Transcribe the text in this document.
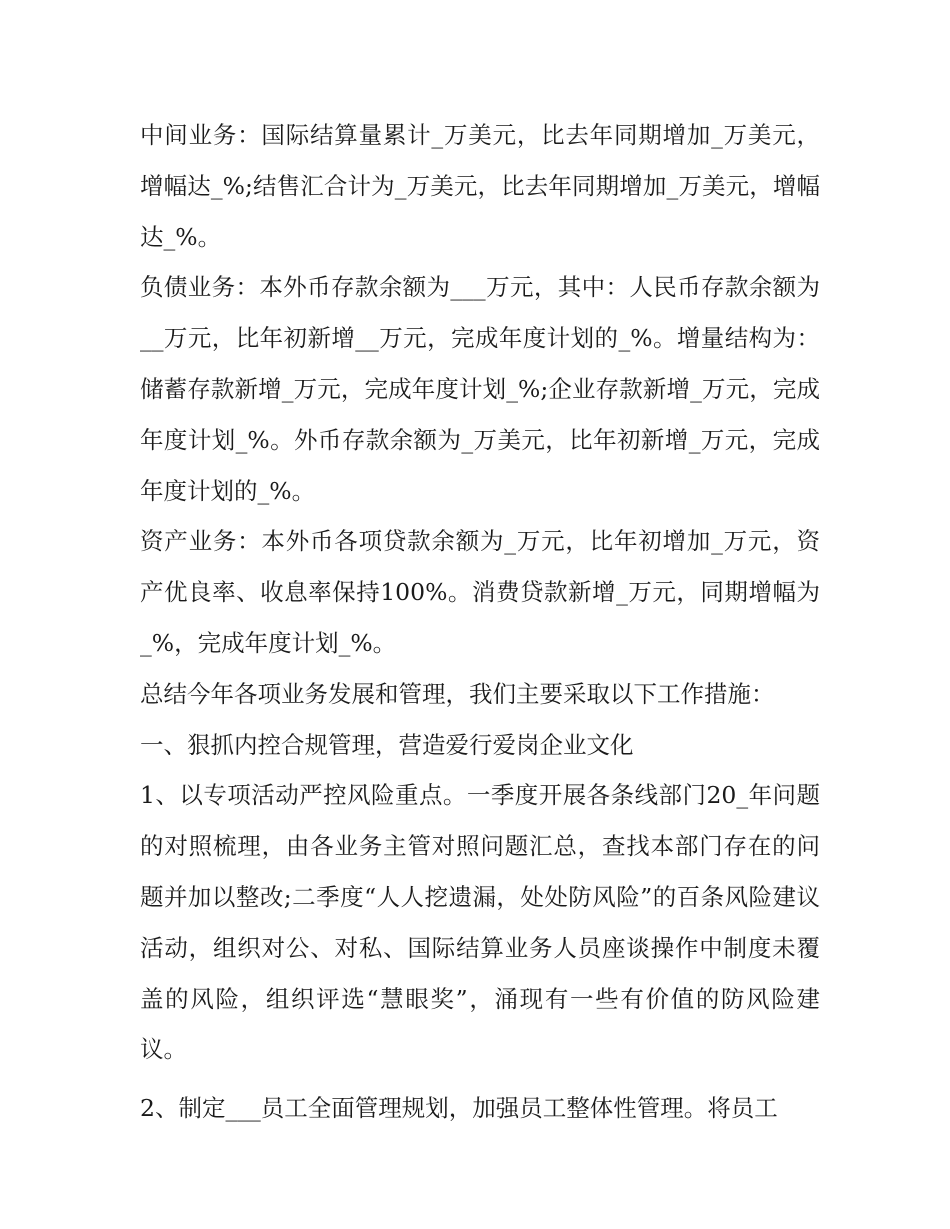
中间业务：国际结算量累计_万美元，比去年同期增加_万美元，增幅达_%;结售汇合计为_万美元，比去年同期增加_万美元，增幅达_%。

负债业务：本外币存款余额为___万元，其中：人民币存款余额为__万元，比年初新增__万元，完成年度计划的_%。增量结构为：储蓄存款新增_万元，完成年度计划_%;企业存款新增_万元，完成年度计划_%。外币存款余额为_万美元，比年初新增_万元，完成年度计划的_%。

资产业务：本外币各项贷款余额为_万元，比年初增加_万元，资产优良率、收息率保持100%。消费贷款新增_万元，同期增幅为_%，完成年度计划_%。

总结今年各项业务发展和管理，我们主要采取以下工作措施：

一、狠抓内控合规管理，营造爱行爱岗企业文化

1、以专项活动严控风险重点。一季度开展各条线部门20_年问题的对照梳理，由各业务主管对照问题汇总，查找本部门存在的问题并加以整改;二季度“人人挖遗漏，处处防风险”的百条风险建议活动，组织对公、对私、国际结算业务人员座谈操作中制度未覆盖的风险，组织评选“慧眼奖”，涌现有一些有价值的防风险建议。

2、制定___员工全面管理规划，加强员工整体性管理。将员工
